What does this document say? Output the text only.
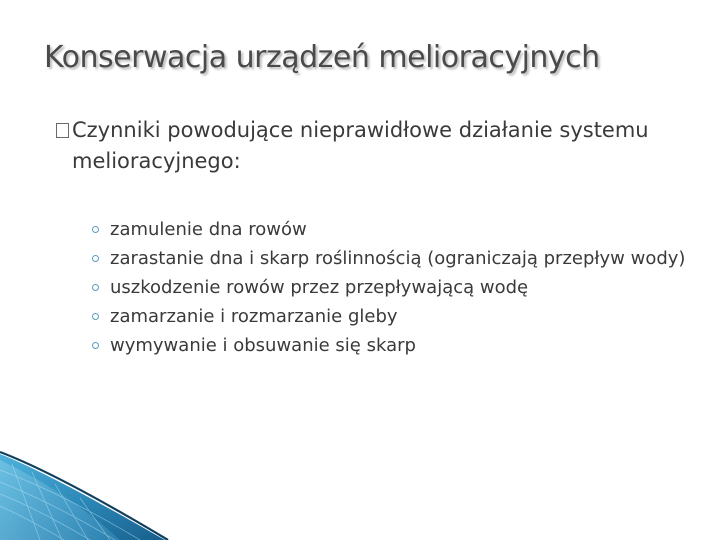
Konserwacja urządzeń melioracyjnych
Czynniki powodujące nieprawidłowe działanie systemu melioracyjnego:
zamulenie dna rowów
zarastanie dna i skarp roślinnością (ograniczają przepływ wody)
uszkodzenie rowów przez przepływającą wodę
zamarzanie i rozmarzanie gleby
wymywanie i obsuwanie się skarp
